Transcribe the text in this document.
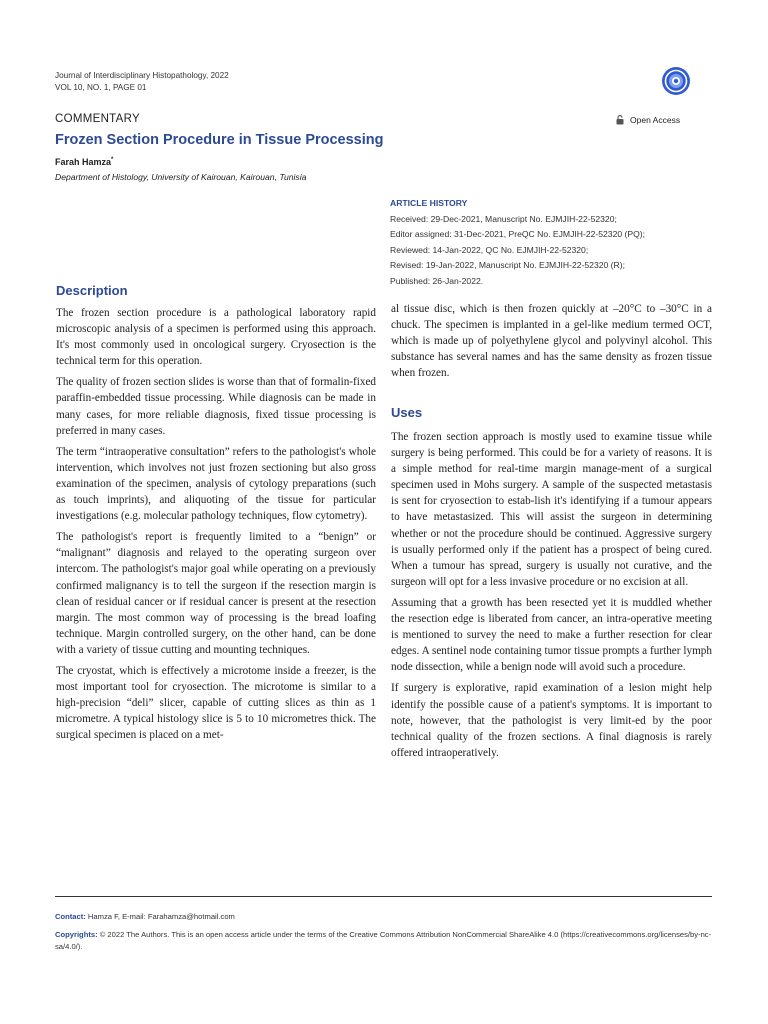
Journal of Interdisciplinary Histopathology, 2022
VOL 10, NO. 1, PAGE 01
COMMENTARY	Open Access
Frozen Section Procedure in Tissue Processing
Farah Hamza*
Department of Histology, University of Kairouan, Kairouan, Tunisia
ARTICLE HISTORY
Received: 29-Dec-2021, Manuscript No. EJMJIH-22-52320;
Editor assigned: 31-Dec-2021, PreQC No. EJMJIH-22-52320 (PQ);
Reviewed: 14-Jan-2022, QC No. EJMJIH-22-52320;
Revised: 19-Jan-2022, Manuscript No. EJMJIH-22-52320 (R);
Published: 26-Jan-2022.
Description

The frozen section procedure is a pathological laboratory rapid microscopic analysis of a specimen is performed using this approach. It's most commonly used in oncological surgery. Cryosection is the technical term for this operation.

The quality of frozen section slides is worse than that of formalin-fixed paraffin-embedded tissue processing. While diagnosis can be made in many cases, for more reliable diagnosis, fixed tissue processing is preferred in many cases.

The term “intraoperative consultation” refers to the pathologist's whole intervention, which involves not just frozen sectioning but also gross examination of the specimen, analysis of cytology preparations (such as touch imprints), and aliquoting of the tissue for particular investigations (e.g. molecular pathology techniques, flow cytometry).

The pathologist's report is frequently limited to a “benign” or “malignant” diagnosis and relayed to the operating surgeon over intercom. The pathologist's major goal while operating on a previously confirmed malignancy is to tell the surgeon if the resection margin is clean of residual cancer or if residual cancer is present at the resection margin. The most common way of processing is the bread loafing technique. Margin controlled surgery, on the other hand, can be done with a variety of tissue cutting and mounting techniques.

The cryostat, which is effectively a microtome inside a freezer, is the most important tool for cryosection. The microtome is similar to a high-precision “deli” slicer, capable of cutting slices as thin as 1 micrometre. A typical histology slice is 5 to 10 micrometres thick. The surgical specimen is placed on a met-

al tissue disc, which is then frozen quickly at –20°C to –30°C in a chuck. The specimen is implanted in a gel-like medium termed OCT, which is made up of polyethylene glycol and polyvinyl alcohol. This substance has several names and has the same density as frozen tissue when frozen.

Uses

The frozen section approach is mostly used to examine tissue while surgery is being performed. This could be for a variety of reasons. It is a simple method for real-time margin manage-ment of a surgical specimen used in Mohs surgery. A sample of the suspected metastasis is sent for cryosection to estab-lish it's identifying if a tumour appears to have metastasized. This will assist the surgeon in determining whether or not the procedure should be continued. Aggressive surgery is usually performed only if the patient has a prospect of being cured. When a tumour has spread, surgery is usually not curative, and the surgeon will opt for a less invasive procedure or no excision at all.

Assuming that a growth has been resected yet it is muddled whether the resection edge is liberated from cancer, an intra-operative meeting is mentioned to survey the need to make a further resection for clear edges. A sentinel node containing tumor tissue prompts a further lymph node dissection, while a benign node will avoid such a procedure.

If surgery is explorative, rapid examination of a lesion might help identify the possible cause of a patient's symptoms. It is important to note, however, that the pathologist is very limit-ed by the poor technical quality of the frozen sections. A final diagnosis is rarely offered intraoperatively.

Contact: Hamza F, E-mail: Farahamza@hotmail.com
Copyrights: © 2022 The Authors. This is an open access article under the terms of the Creative Commons Attribution NonCommercial ShareAlike 4.0 (https://creativecommons.org/licenses/by-nc-sa/4.0/).
